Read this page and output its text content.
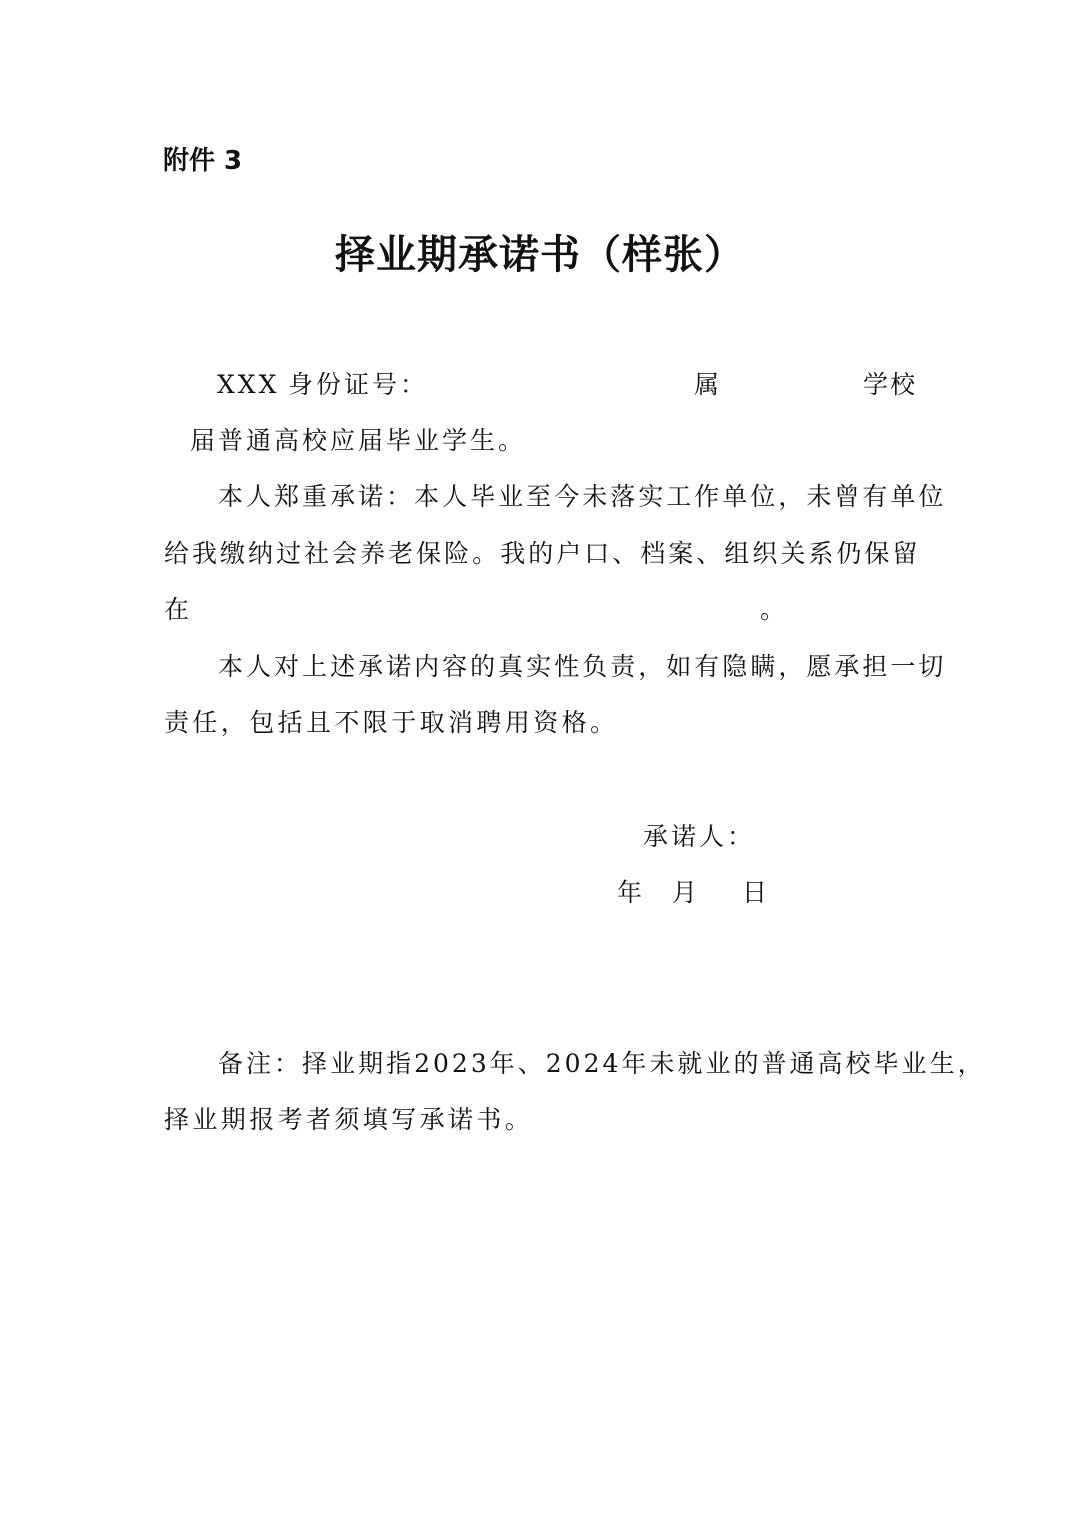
附件 3
择业期承诺书（样张）
XXX 身份证号：	属	学校
届普通高校应届毕业学生。
本 人 郑 重 承 诺 ： 本 人 毕 业 至 今 未 落 实 工 作 单 位 ， 未 曾 有 单 位
给 我 缴 纳 过 社 会 养 老 保 险 。 我 的 户 口 、 档 案 、 组 织 关 系 仍 保 留
在	。
本 人 对 上 述 承 诺 内 容 的 真 实 性 负 责 ， 如 有 隐 瞒 ， 愿 承 担 一 切
责任，包括且不限于取消聘用资格。
承诺人：
年 月 日
备 注 ： 择 业 期 指 2023 年 、 2024 年 未 就 业 的 普 通 高 校 毕 业 生 ，
择业期报考者须填写承诺书。
